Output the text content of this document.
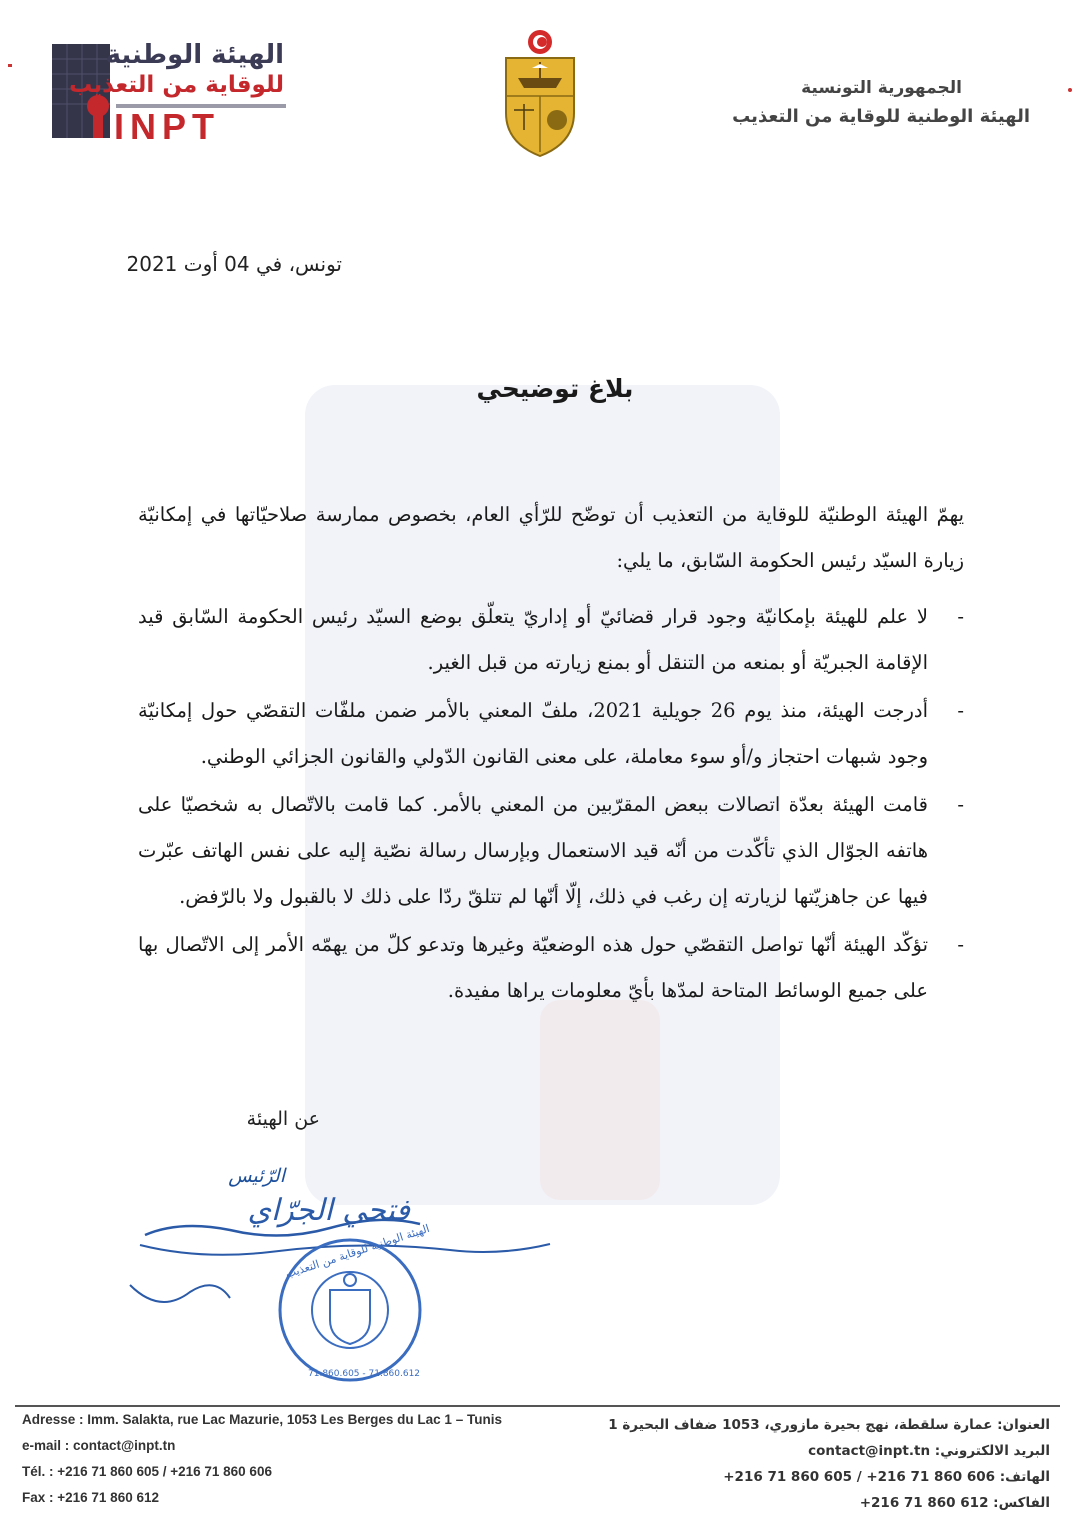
الهيئة الوطنية
للوقاية من التعذيب
INPT
الجمهورية التونسية
الهيئة الوطنية للوقاية من التعذيب
تونس، في 04 أوت 2021
بلاغ توضيحي

يهمّ الهيئة الوطنيّة للوقاية من التعذيب أن توضّح للرّأي العام، بخصوص ممارسة صلاحيّاتها في إمكانيّة زيارة السيّد رئيس الحكومة السّابق، ما يلي:

- لا علم للهيئة بإمكانيّة وجود قرار قضائيّ أو إداريّ يتعلّق بوضع السيّد رئيس الحكومة السّابق قيد الإقامة الجبريّة أو بمنعه من التنقل أو بمنع زيارته من قبل الغير.
- أدرجت الهيئة، منذ يوم 26 جويلية 2021، ملفّ المعني بالأمر ضمن ملفّات التقصّي حول إمكانيّة وجود شبهات احتجاز و/أو سوء معاملة، على معنى القانون الدّولي والقانون الجزائي الوطني.
- قامت الهيئة بعدّة اتصالات ببعض المقرّبين من المعني بالأمر. كما قامت بالاتّصال به شخصيّا على هاتفه الجوّال الذي تأكّدت من أنّه قيد الاستعمال وبإرسال رسالة نصّية إليه على نفس الهاتف عبّرت فيها عن جاهزيّتها لزيارته إن رغب في ذلك، إلّا أنّها لم تتلقّ ردّا على ذلك لا بالقبول ولا بالرّفض.
- تؤكّد الهيئة أنّها تواصل التقصّي حول هذه الوضعيّة وغيرها وتدعو كلّ من يهمّه الأمر إلى الاتّصال بها على جميع الوسائط المتاحة لمدّها بأيّ معلومات يراها مفيدة.
عن الهيئة
الرّئيس
فتحي الجرّاي
الهيئة الوطنية للوقاية من التعذيب
71.860.605 - 71.860.612
Adresse : Imm. Salakta, rue Lac Mazurie, 1053 Les Berges du Lac 1 – Tunis
e-mail : contact@inpt.tn
Tél. : +216 71 860 605 / +216 71 860 606
Fax : +216 71 860 612
العنوان: عمارة سلقطة، نهج بحيرة مازوري، 1053 ضفاف البحيرة 1
البريد الالكتروني: contact@inpt.tn
الهاتف: +216 71 860 605 / +216 71 860 606
الفاكس: +216 71 860 612
